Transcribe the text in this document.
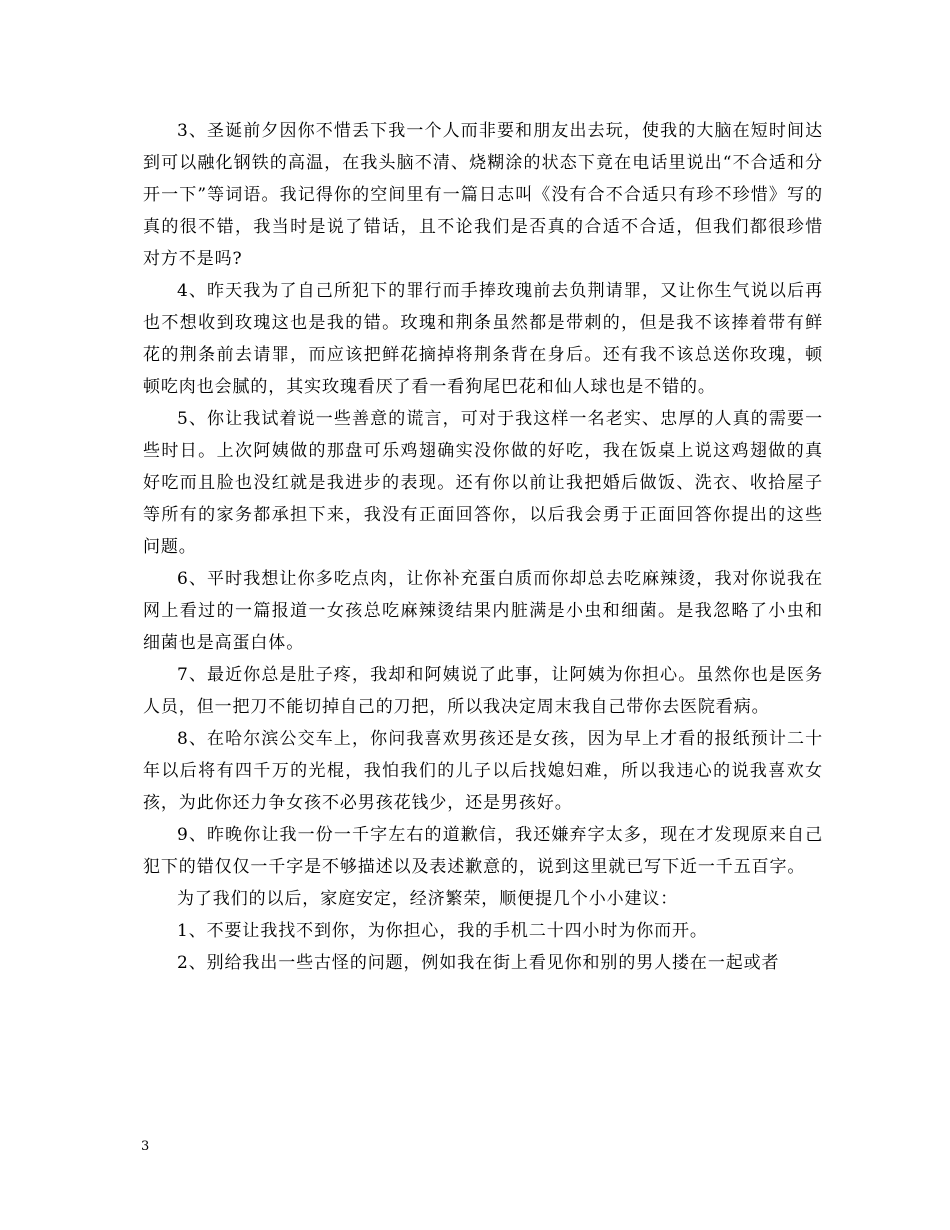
3、圣诞前夕因你不惜丢下我一个人而非要和朋友出去玩，使我的大脑在短时间达到可以融化钢铁的高温，在我头脑不清、烧糊涂的状态下竟在电话里说出“不合适和分开一下”等词语。我记得你的空间里有一篇日志叫《没有合不合适只有珍不珍惜》写的真的很不错，我当时是说了错话，且不论我们是否真的合适不合适，但我们都很珍惜对方不是吗?

4、昨天我为了自己所犯下的罪行而手捧玫瑰前去负荆请罪，又让你生气说以后再也不想收到玫瑰这也是我的错。玫瑰和荆条虽然都是带刺的，但是我不该捧着带有鲜花的荆条前去请罪，而应该把鲜花摘掉将荆条背在身后。还有我不该总送你玫瑰，顿顿吃肉也会腻的，其实玫瑰看厌了看一看狗尾巴花和仙人球也是不错的。

5、你让我试着说一些善意的谎言，可对于我这样一名老实、忠厚的人真的需要一些时日。上次阿姨做的那盘可乐鸡翅确实没你做的好吃，我在饭桌上说这鸡翅做的真好吃而且脸也没红就是我进步的表现。还有你以前让我把婚后做饭、洗衣、收拾屋子等所有的家务都承担下来，我没有正面回答你，以后我会勇于正面回答你提出的这些问题。

6、平时我想让你多吃点肉，让你补充蛋白质而你却总去吃麻辣烫，我对你说我在网上看过的一篇报道一女孩总吃麻辣烫结果内脏满是小虫和细菌。是我忽略了小虫和细菌也是高蛋白体。

7、最近你总是肚子疼，我却和阿姨说了此事，让阿姨为你担心。虽然你也是医务人员，但一把刀不能切掉自己的刀把，所以我决定周末我自己带你去医院看病。

8、在哈尔滨公交车上，你问我喜欢男孩还是女孩，因为早上才看的报纸预计二十年以后将有四千万的光棍，我怕我们的儿子以后找媳妇难，所以我违心的说我喜欢女孩，为此你还力争女孩不必男孩花钱少，还是男孩好。

9、昨晚你让我一份一千字左右的道歉信，我还嫌弃字太多，现在才发现原来自己犯下的错仅仅一千字是不够描述以及表述歉意的，说到这里就已写下近一千五百字。

为了我们的以后，家庭安定，经济繁荣，顺便提几个小小建议：

1、不要让我找不到你，为你担心，我的手机二十四小时为你而开。

2、别给我出一些古怪的问题，例如我在街上看见你和别的男人搂在一起或者

3
